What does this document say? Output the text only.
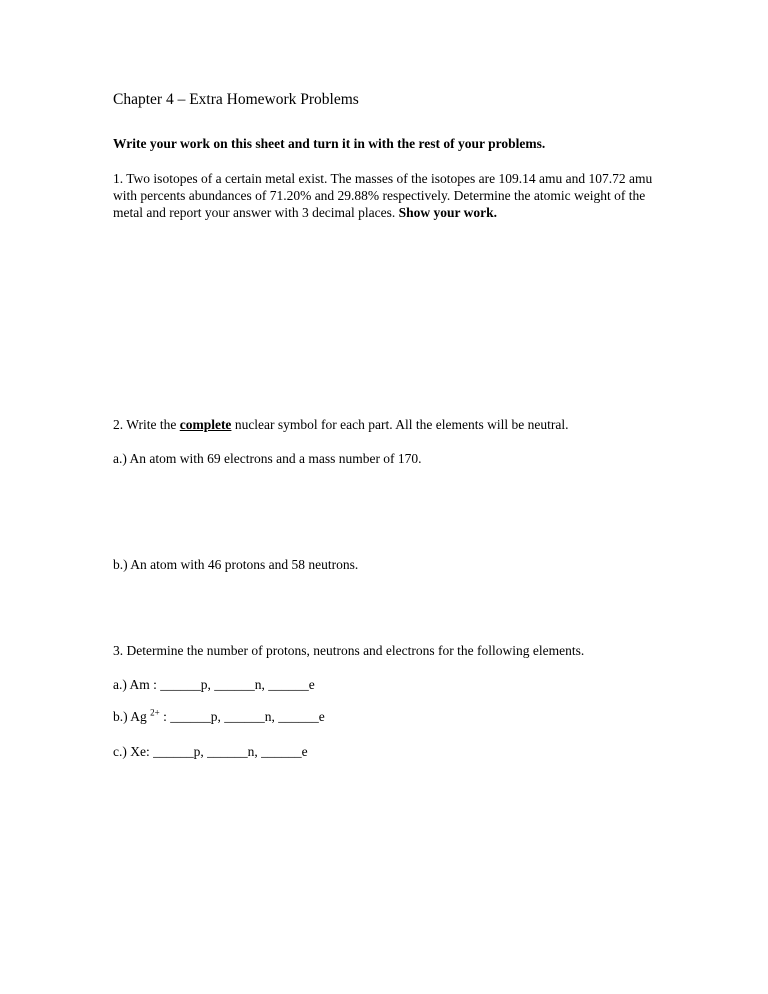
Chapter 4 – Extra Homework Problems

Write your work on this sheet and turn it in with the rest of your problems.

1. Two isotopes of a certain metal exist. The masses of the isotopes are 109.14 amu and 107.72 amu with percents abundances of 71.20% and 29.88% respectively. Determine the atomic weight of the metal and report your answer with 3 decimal places. Show your work.

2. Write the complete nuclear symbol for each part. All the elements will be neutral.

a.) An atom with 69 electrons and a mass number of 170.

b.) An atom with 46 protons and 58 neutrons.

3. Determine the number of protons, neutrons and electrons for the following elements.

a.) Am : ______p, ______n, ______e

b.) Ag $^{2+}$ : ______p, ______n, ______e

c.) Xe: ______p, ______n, ______e
